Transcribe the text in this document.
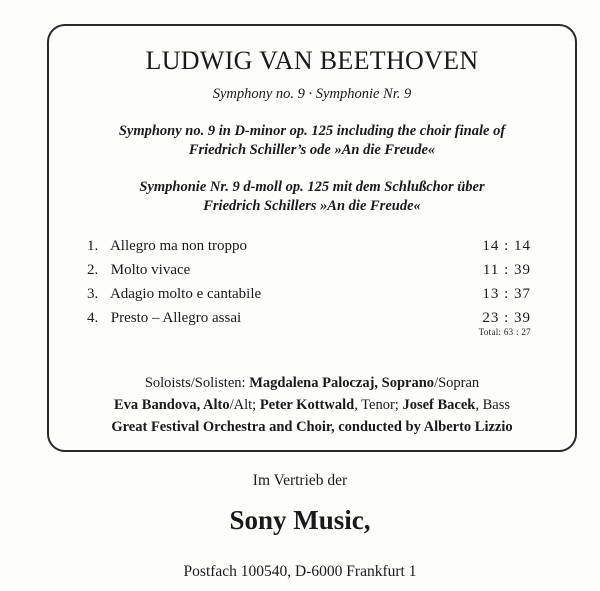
LUDWIG VAN BEETHOVEN
Symphony no. 9 · Symphonie Nr. 9
Symphony no. 9 in D-minor op. 125 including the choir finale of
Friedrich Schiller’s ode »An die Freude«
Symphonie Nr. 9 d-moll op. 125 mit dem Schlußchor über
Friedrich Schillers »An die Freude«
1. Allegro ma non troppo	14 : 14
2. Molto vivace	11 : 39
3. Adagio molto e cantabile	13 : 37
4. Presto – Allegro assai	23 : 39
Total: 63 : 27
Soloists/Solisten: Magdalena Paloczaj, Soprano/Sopran
Eva Bandova, Alto/Alt; Peter Kottwald, Tenor; Josef Bacek, Bass
Great Festival Orchestra and Choir, conducted by Alberto Lizzio
Im Vertrieb der
Sony Music,
Postfach 100540, D-6000 Frankfurt 1
